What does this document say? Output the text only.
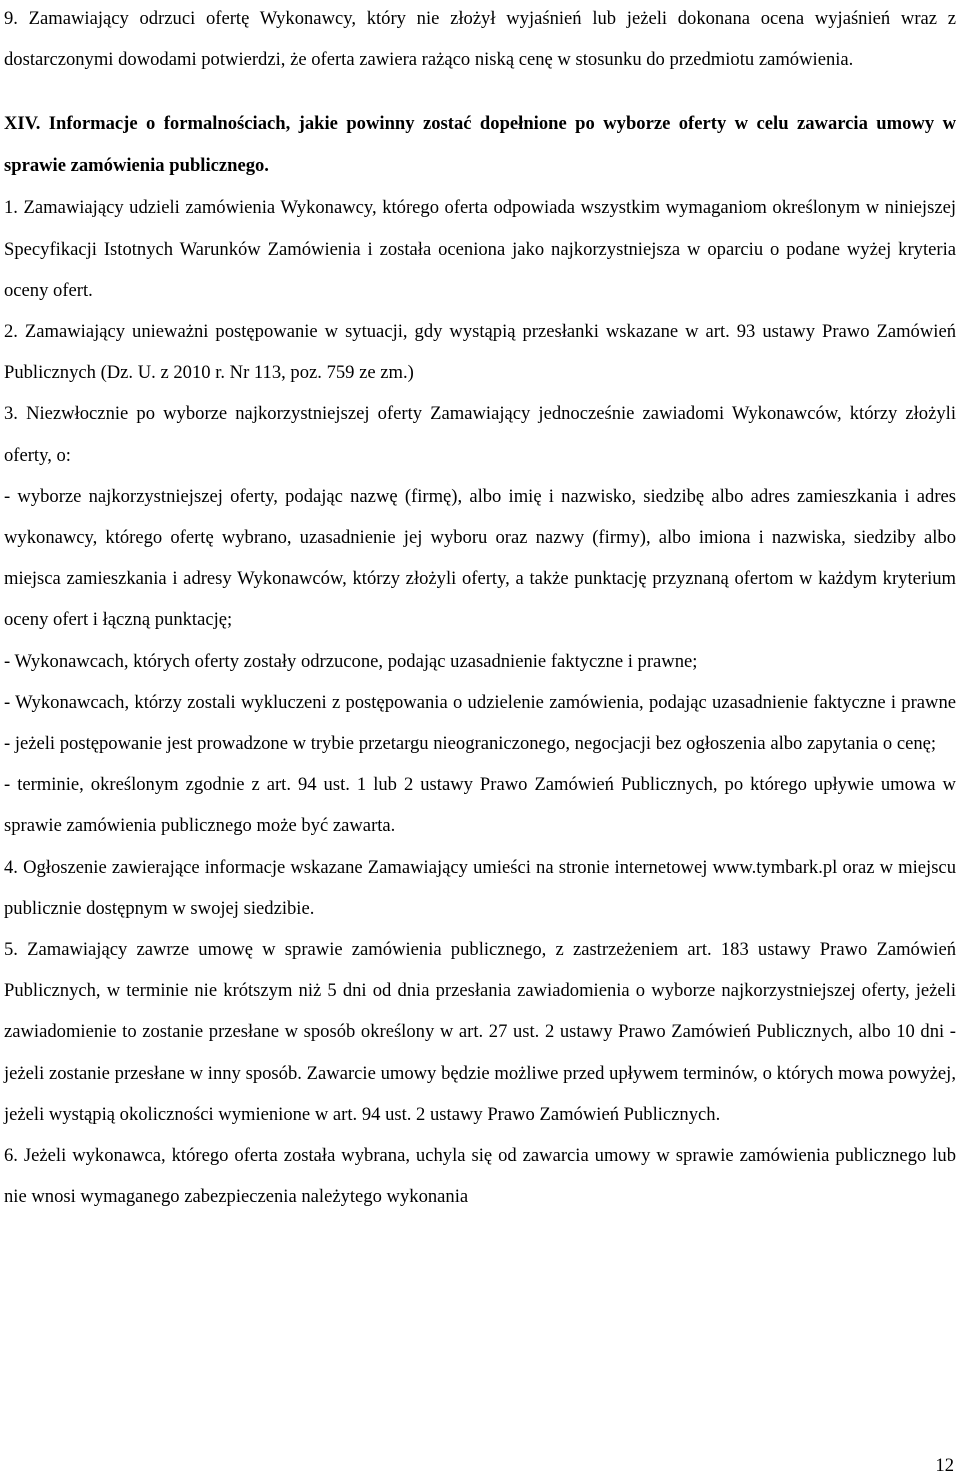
9. Zamawiający odrzuci ofertę Wykonawcy, który nie złożył wyjaśnień lub jeżeli dokonana ocena wyjaśnień wraz z dostarczonymi dowodami potwierdzi, że oferta zawiera rażąco niską cenę w stosunku do przedmiotu zamówienia.

XIV. Informacje o formalnościach, jakie powinny zostać dopełnione po wyborze oferty w celu zawarcia umowy w sprawie zamówienia publicznego.

1. Zamawiający udzieli zamówienia Wykonawcy, którego oferta odpowiada wszystkim wymaganiom określonym w niniejszej Specyfikacji Istotnych Warunków Zamówienia i została oceniona jako najkorzystniejsza w oparciu o podane wyżej kryteria oceny ofert.

2. Zamawiający unieważni postępowanie w sytuacji, gdy wystąpią przesłanki wskazane w art. 93 ustawy Prawo Zamówień Publicznych (Dz. U. z 2010 r. Nr 113, poz. 759 ze zm.)

3. Niezwłocznie po wyborze najkorzystniejszej oferty Zamawiający jednocześnie zawiadomi Wykonawców, którzy złożyli oferty, o:

- wyborze najkorzystniejszej oferty, podając nazwę (firmę), albo imię i nazwisko, siedzibę albo adres zamieszkania i adres wykonawcy, którego ofertę wybrano, uzasadnienie jej wyboru oraz nazwy (firmy), albo imiona i nazwiska, siedziby albo miejsca zamieszkania i adresy Wykonawców, którzy złożyli oferty, a także punktację przyznaną ofertom w każdym kryterium oceny ofert i łączną punktację;

- Wykonawcach, których oferty zostały odrzucone, podając uzasadnienie faktyczne i prawne;

- Wykonawcach, którzy zostali wykluczeni z postępowania o udzielenie zamówienia, podając uzasadnienie faktyczne i prawne - jeżeli postępowanie jest prowadzone w trybie przetargu nieograniczonego, negocjacji bez ogłoszenia albo zapytania o cenę;

- terminie, określonym zgodnie z art. 94 ust. 1 lub 2 ustawy Prawo Zamówień Publicznych, po którego upływie umowa w sprawie zamówienia publicznego może być zawarta.

4. Ogłoszenie zawierające informacje wskazane Zamawiający umieści na stronie internetowej www.tymbark.pl oraz w miejscu publicznie dostępnym w swojej siedzibie.

5. Zamawiający zawrze umowę w sprawie zamówienia publicznego, z zastrzeżeniem art. 183 ustawy Prawo Zamówień Publicznych, w terminie nie krótszym niż 5 dni od dnia przesłania zawiadomienia o wyborze najkorzystniejszej oferty, jeżeli zawiadomienie to zostanie przesłane w sposób określony w art. 27 ust. 2 ustawy Prawo Zamówień Publicznych, albo 10 dni - jeżeli zostanie przesłane w inny sposób. Zawarcie umowy będzie możliwe przed upływem terminów, o których mowa powyżej, jeżeli wystąpią okoliczności wymienione w art. 94 ust. 2 ustawy Prawo Zamówień Publicznych.

6. Jeżeli wykonawca, którego oferta została wybrana, uchyla się od zawarcia umowy w sprawie zamówienia publicznego lub nie wnosi wymaganego zabezpieczenia należytego wykonania

12
